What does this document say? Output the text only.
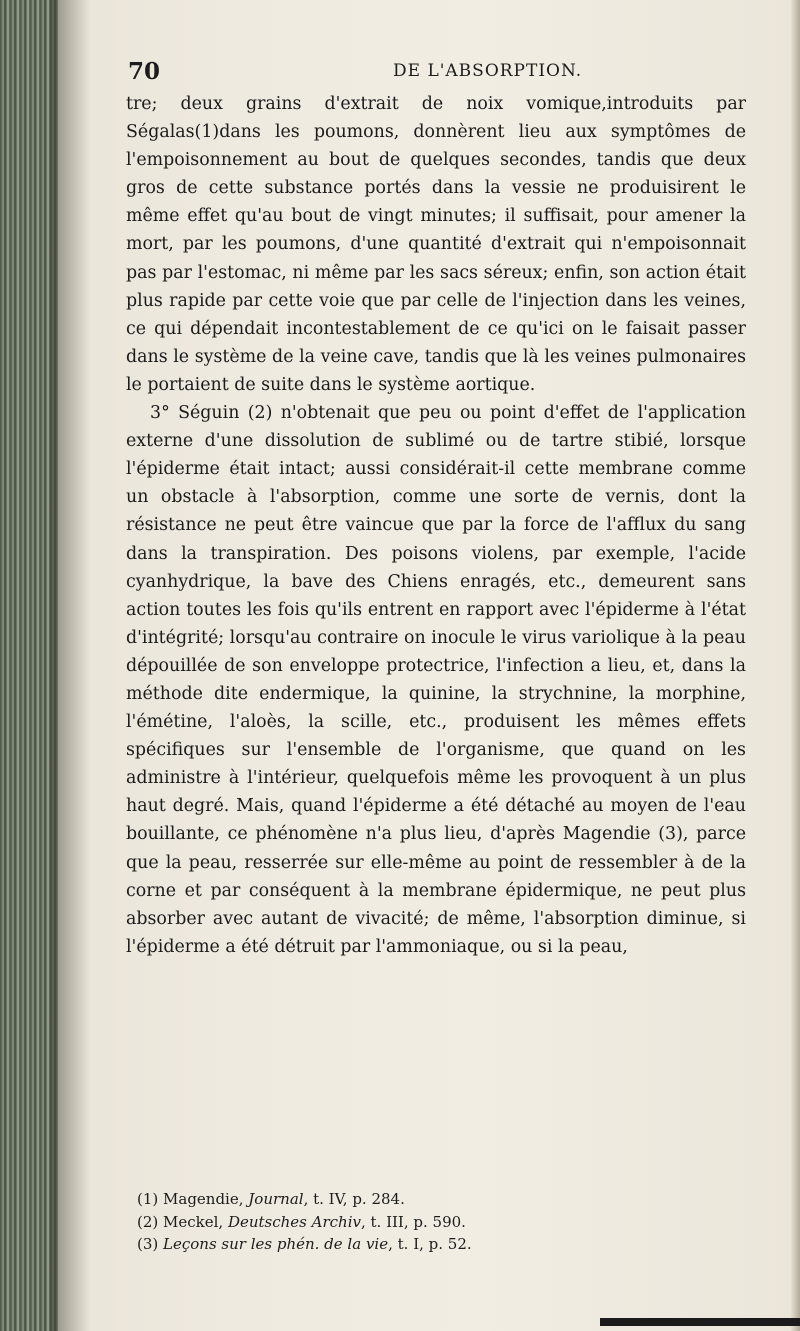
70	DE L'ABSORPTION.

tre; deux grains d'extrait de noix vomique,introduits par Ségalas(1)dans les poumons, donnèrent lieu aux symptômes de l'empoisonnement au bout de quelques secondes, tandis que deux gros de cette substance portés dans la vessie ne produisirent le même effet qu'au bout de vingt minutes; il suffisait, pour amener la mort, par les poumons, d'une quantité d'extrait qui n'empoisonnait pas par l'estomac, ni même par les sacs séreux; enfin, son action était plus rapide par cette voie que par celle de l'injection dans les veines, ce qui dépendait incontestablement de ce qu'ici on le faisait passer dans le système de la veine cave, tandis que là les veines pulmonaires le portaient de suite dans le système aortique.

3° Séguin (2) n'obtenait que peu ou point d'effet de l'application externe d'une dissolution de sublimé ou de tartre stibié, lorsque l'épiderme était intact; aussi considérait-il cette membrane comme un obstacle à l'absorption, comme une sorte de vernis, dont la résistance ne peut être vaincue que par la force de l'afflux du sang dans la transpiration. Des poisons violens, par exemple, l'acide cyanhydrique, la bave des Chiens enragés, etc., demeurent sans action toutes les fois qu'ils entrent en rapport avec l'épiderme à l'état d'intégrité; lorsqu'au contraire on inocule le virus variolique à la peau dépouillée de son enveloppe protectrice, l'infection a lieu, et, dans la méthode dite endermique, la quinine, la strychnine, la morphine, l'émétine, l'aloès, la scille, etc., produisent les mêmes effets spécifiques sur l'ensemble de l'organisme, que quand on les administre à l'intérieur, quelquefois même les provoquent à un plus haut degré. Mais, quand l'épiderme a été détaché au moyen de l'eau bouillante, ce phénomène n'a plus lieu, d'après Magendie (3), parce que la peau, resserrée sur elle-même au point de ressembler à de la corne et par conséquent à la membrane épidermique, ne peut plus absorber avec autant de vivacité; de même, l'absorption diminue, si l'épiderme a été détruit par l'ammoniaque, ou si la peau,

(1) Magendie, Journal, t. IV, p. 284.
(2) Meckel, Deutsches Archiv, t. III, p. 590.
(3) Leçons sur les phén. de la vie, t. I, p. 52.
